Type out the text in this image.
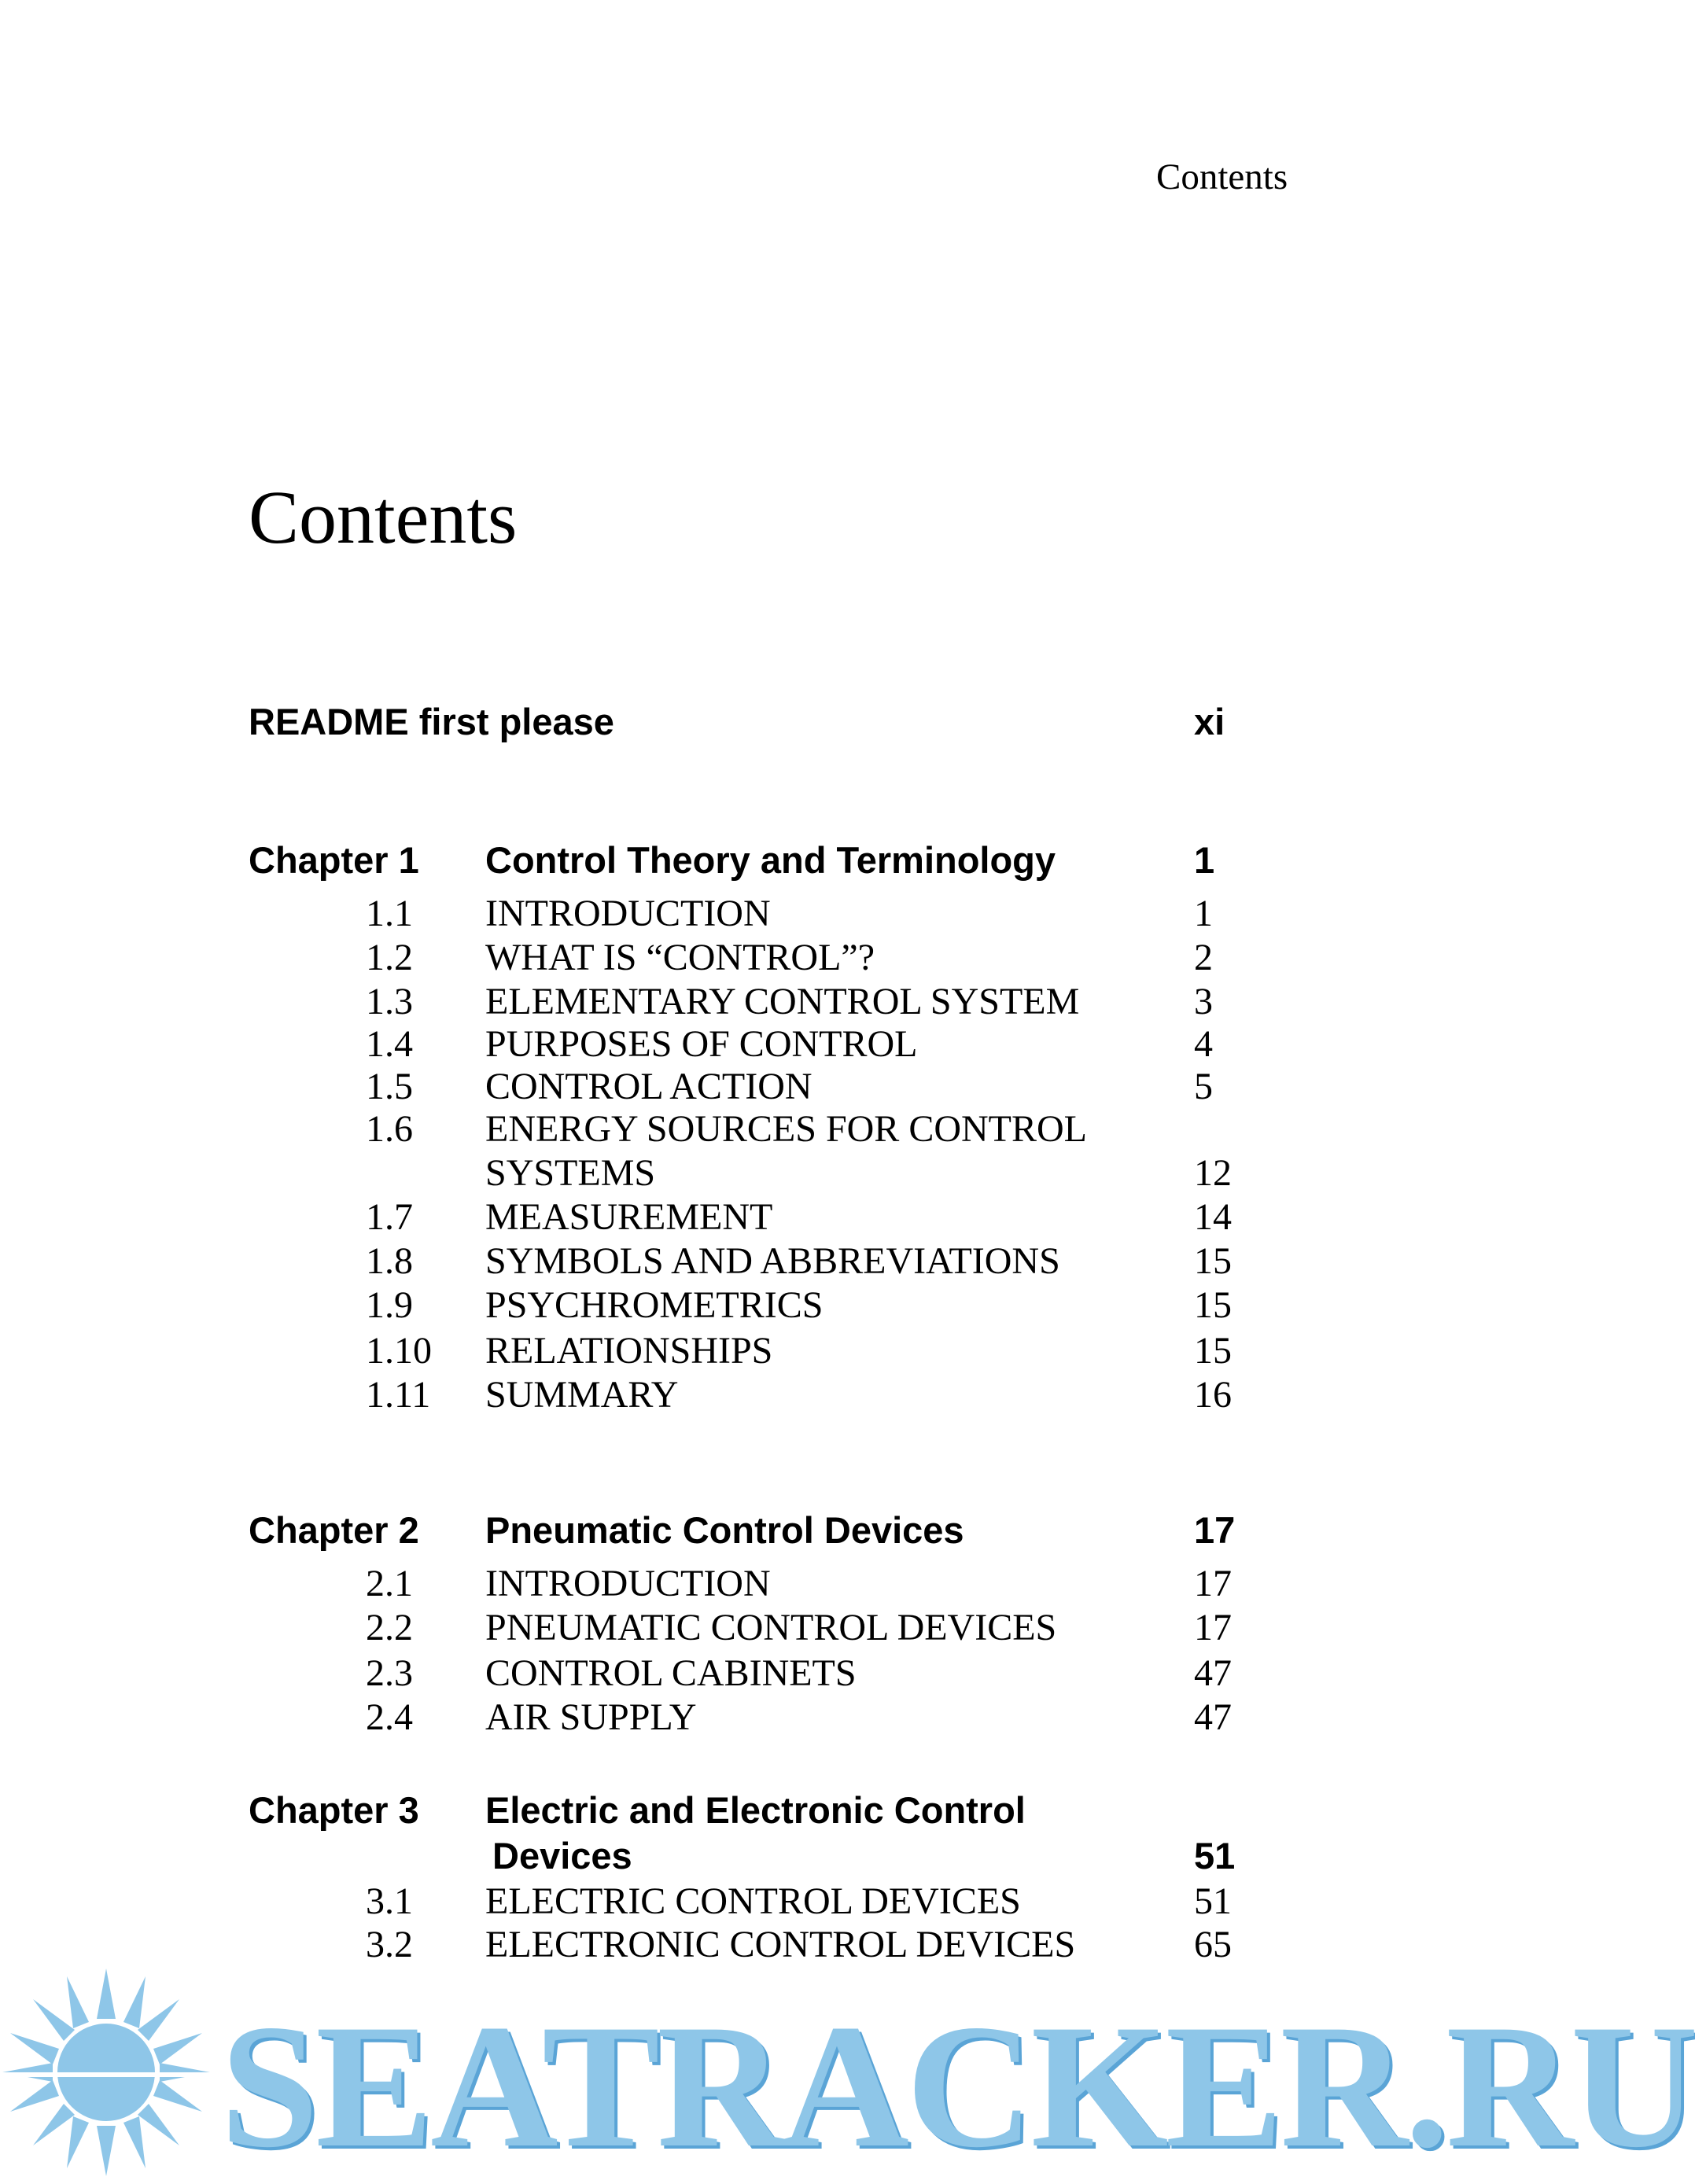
Contents
Contents
README first please	xi
Chapter 1 Control Theory and Terminology	1
1.1 INTRODUCTION	1
1.2 WHAT IS “CONTROL”?	2
1.3 ELEMENTARY CONTROL SYSTEM	3
1.4 PURPOSES OF CONTROL	4
1.5 CONTROL ACTION	5
1.6 ENERGY SOURCES FOR CONTROL
SYSTEMS	12
1.7 MEASUREMENT	14
1.8 SYMBOLS AND ABBREVIATIONS	15
1.9 PSYCHROMETRICS	15
1.10 RELATIONSHIPS	15
1.11 SUMMARY	16
Chapter 2 Pneumatic Control Devices	17
2.1 INTRODUCTION	17
2.2 PNEUMATIC CONTROL DEVICES	17
2.3 CONTROL CABINETS	47
2.4 AIR SUPPLY	47
Chapter 3 Electric and Electronic Control
Devices	51
3.1 ELECTRIC CONTROL DEVICES	51
3.2 ELECTRONIC CONTROL DEVICES	65
SEATRACKER.RU
